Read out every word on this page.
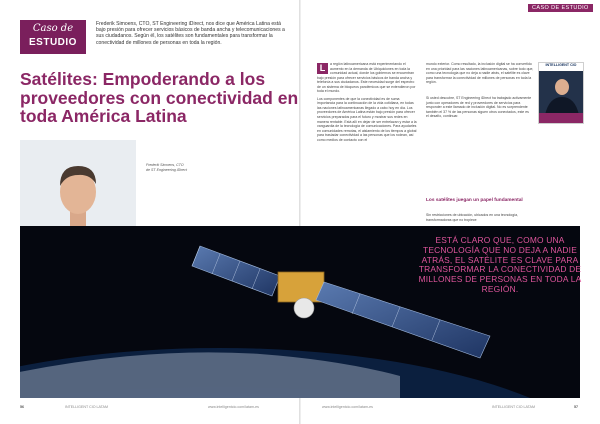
Caso de
ESTUDIO
Frederik Simoens, CTO, ST Engineering iDirect, nos dice que América Latina está bajo presión para ofrecer servicios básicos de banda ancha y telecomunicaciones a sus ciudadanos. Según él, los satélites son fundamentales para transformar la conectividad de millones de personas en toda la región.
Satélites: Empoderando a los proveedores con conectividad en toda América Latina
Frederik Simoens, CTO
de ST Engineering iDirect
CASO DE ESTUDIO

L	a región latinoamericana está experimentando el aumento en la demanda de Ubiquiciones en toda la comunidad actual, donde los gobiernos se encuentran bajo presión para ofrecer servicios básicos de banda ancha y telefonía a sus ciudadanos. Este necesidad surge del espectro de un sistema de bloqueos pandémicos que se extendieron por toda el mundo.

Los componentes de que la conectividad es de suma importancia para la continuación de la vida cotidiana, en todas las naciones latinoamericanas llegado a cabo hoy en día. Los proveedores de América Latina están bajo presión para ofrecer servicios preparados para el futuro y mostrar sus redes en manera rentable. Está allí en dejar de ser entrelazan y estar a la vanguardia de la tecnología de comunicaciones. Para ayudarles en comunidades remotas, el aislamiento de los tiempos a global para trasladar conectividad a las personas que los rodean, así como medios de contacto con el

mundo exterior. Como resultado, la inclusión digital se ha convertido en una prioridad para las naciones latinoamericanas, sobre todo que, como una tecnología que no deja a nadie atrás, el satélite es clave para transformar la conectividad de millones de personas en toda la región.

Si usted descubre, ST Engineering iDirect ha trabajado activamente junto con operadores de red y proveedores de servicios para responder a este llamado de inclusión digital. No es sorprendente también el 37 % de las personas siguen otros conectados, este es el desafío, continuar.

Los satélites juegan un papel fundamental

Sin restricciones de ubicación, ubicados en una tecnología, transformadoras que no tropiece

INTELLIGENT CIO
ESTÁ CLARO QUE, COMO UNA TECNOLOGÍA QUE NO DEJA A NADIE ATRÁS, EL SATÉLITE ES CLAVE PARA TRANSFORMAR LA CONECTIVIDAD DE MILLONES DE PERSONAS EN TODA LA REGIÓN.
56	INTELLIGENT CIO LATAM	www.intelligentcio.com/latam-es	www.intelligentcio.com/latam-es	INTELLIGENT CIO LATAM	57
